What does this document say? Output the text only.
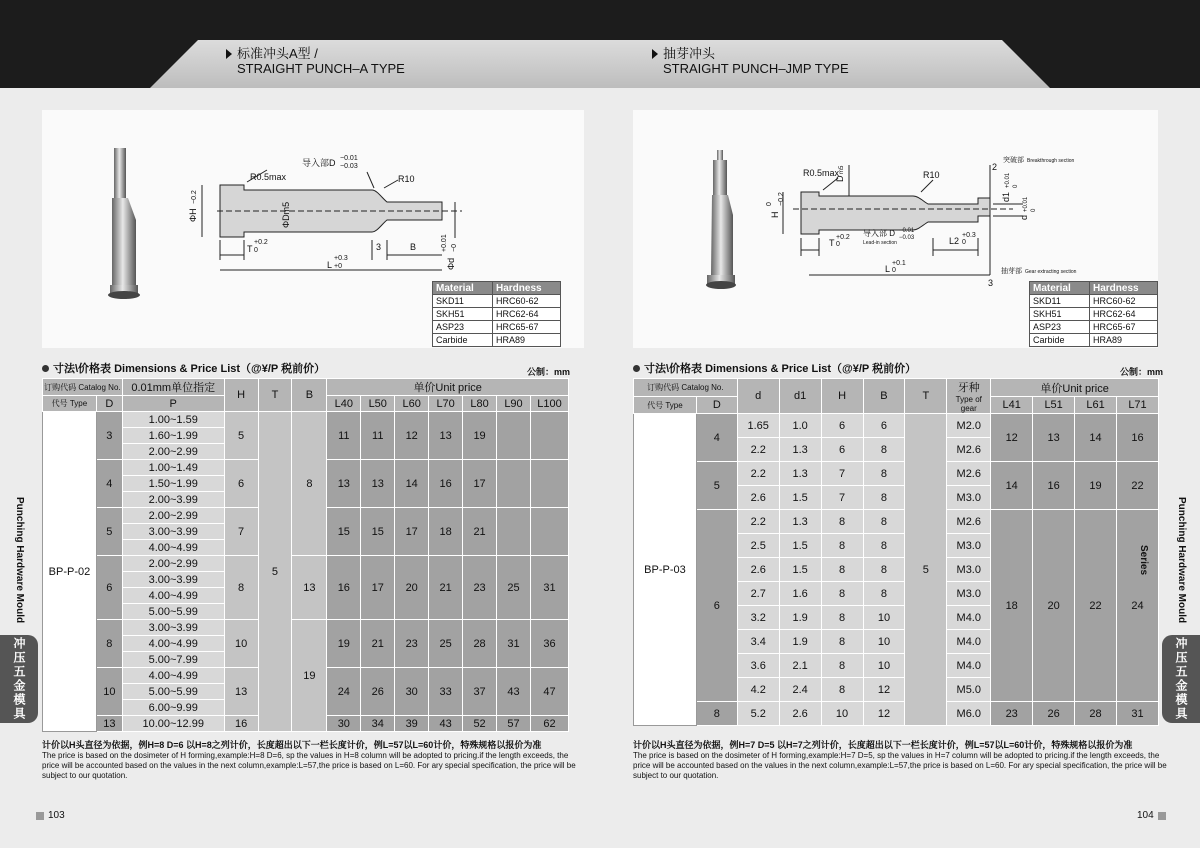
标准冲头A型 /
STRAIGHT PUNCH–A TYPE
抽芽冲头
STRAIGHT PUNCH–JMP TYPE
R0.5max
导入部D −0.01
−0.03
R10
ΦH
−0.2
ΦDm5
T
+0.2
0
L
+0.3
+0
3	B
Φd
+0.01 −0
Material	Hardness
SKD11	HRC60-62
SKH51	HRC62-64
ASP23	HRC65-67
Carbide	HRA89
R0.5max
D
m5
R10
2
突破部 Breakthrough section
H
0 −0.2	d1
+0.01 0
d
+0.01 0
T
+0.2
0
导入部 D
Lead-in section
−0.01
−0.03	L2
+0.3
0
抽芽部 Gear extracting section
L
+0.1
0
3	Material	Hardness
SKD11	HRC60-62
SKH51	HRC62-64
ASP23	HRC65-67
Carbide	HRA89
寸法\价格表 Dimensions & Price List（@¥/P 税前价）	公制：mm	寸法\价格表 Dimensions & Price List（@¥/P 税前价）	公制：mm
订购代码 Catalog No.		0.01mm单位指定	H	T	B	单价Unit price						
代号 Type	D	P				L40	L50	L60	L70	L80	L90	L100
BP-P-02	3	1.00~1.59	5	5	8	11	11	12	13	19		
		1.60~1.99										
		2.00~2.99										
	4	1.00~1.49	6			13	13	14	16	17		
		1.50~1.99										
		2.00~3.99										
	5	2.00~2.99	7			15	15	17	18	21		
		3.00~3.99										
		4.00~4.99										
	6	2.00~2.99	8		13	16	17	20	21	23	25	31
		3.00~3.99										
		4.00~4.99										
		5.00~5.99										
	8	3.00~3.99	10		19	19	21	23	25	28	31	36
		4.00~4.99										
		5.00~7.99										
	10	4.00~4.99	13			24	26	30	33	37	43	47
		5.00~5.99										
		6.00~9.99										
	13	10.00~12.99	16			30	34	39	43	52	57	62
订购代码 Catalog No.		d	d1	H	B	T	牙种
Type of gear	单价Unit price			
代号 Type	D							L41	L51	L61	L71
BP-P-03	4	1.65	1.0	6	6	5	M2.0	12	13	14	16
		2.2	1.3	6	8		M2.6				
	5	2.2	1.3	7	8		M2.6	14	16	19	22
		2.6	1.5	7	8		M3.0				
	6	2.2	1.3	8	8		M2.6	18	20	22	24
		2.5	1.5	8	8		M3.0				
		2.6	1.5	8	8		M3.0				
		2.7	1.6	8	8		M3.0				
		3.2	1.9	8	10		M4.0				
		3.4	1.9	8	10		M4.0				
		3.6	2.1	8	10		M4.0				
		4.2	2.4	8	12		M5.0				
	8	5.2	2.6	10	12		M6.0	23	26	28	31
计价以H头直径为依据，例H=8 D=6 以H=8之列计价，长度超出以下一栏长度计价，例L=57以L=60计价，特殊规格以报价为准
The price is based on the dosimeter of H forming,example:H=8 D=6, sp the values in H=8 column will be adopted to pricing.if the length exceeds, the price will be accounted based on the values in the next column,example:L=57,the price is based on L=60. For ary special specification, the price will be subject to our quotation.
计价以H头直径为依据，例H=7 D=5 以H=7之列计价，长度超出以下一栏长度计价，例L=57以L=60计价，特殊规格以报价为准
The price is based on the dosimeter of H forming,example:H=7 D=5, sp the values in H=7 column will be adopted to pricing.if the length exceeds, the price will be accounted based on the values in the next column,example:L=57,the price is based on L=60. For ary special specification, the price will be subject to our quotation.
103	104
Punching Hardware Mould
冲压五金模具
Punching Hardware Mould Series
冲压五金模具
